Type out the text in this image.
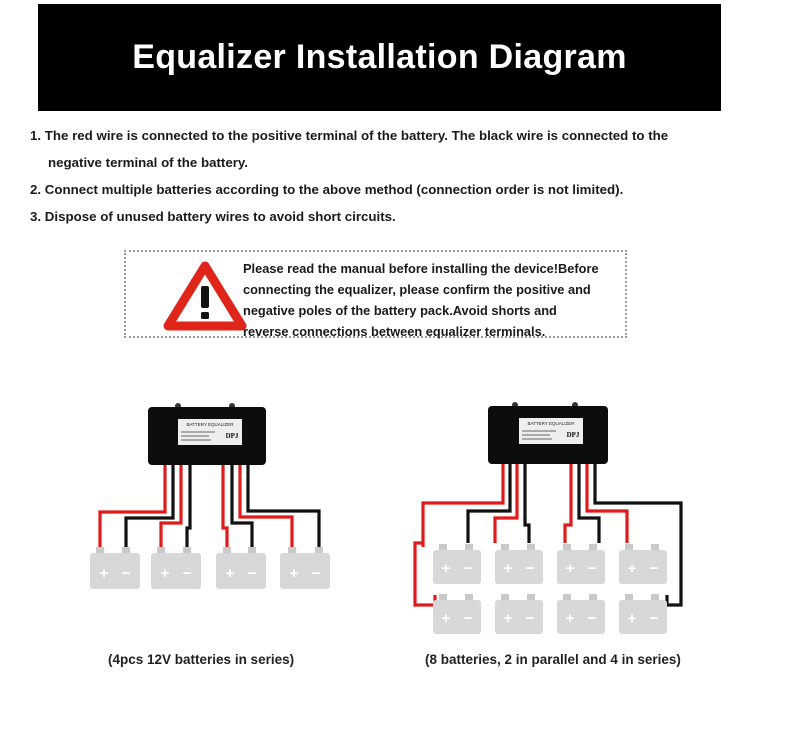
Equalizer Installation Diagram

1. The red wire is connected to the positive terminal of the battery. The black wire is connected to the

negative terminal of the battery.

2. Connect multiple batteries according to the above method (connection order is not limited).

3. Dispose of unused battery wires to avoid short circuits.

Please read the manual before installing the device!Before
connecting the equalizer, please confirm the positive and
negative poles of the battery pack.Avoid shorts and
reverse connections between equalizer terminals.
BATTERY EQUALIZER
DPJ
+ − + − + − + −
BATTERY EQUALIZER
DPJ
+ − + − + − + −
+ − + − + − + −
(4pcs 12V batteries in series)	(8 batteries, 2 in parallel and 4 in series)
